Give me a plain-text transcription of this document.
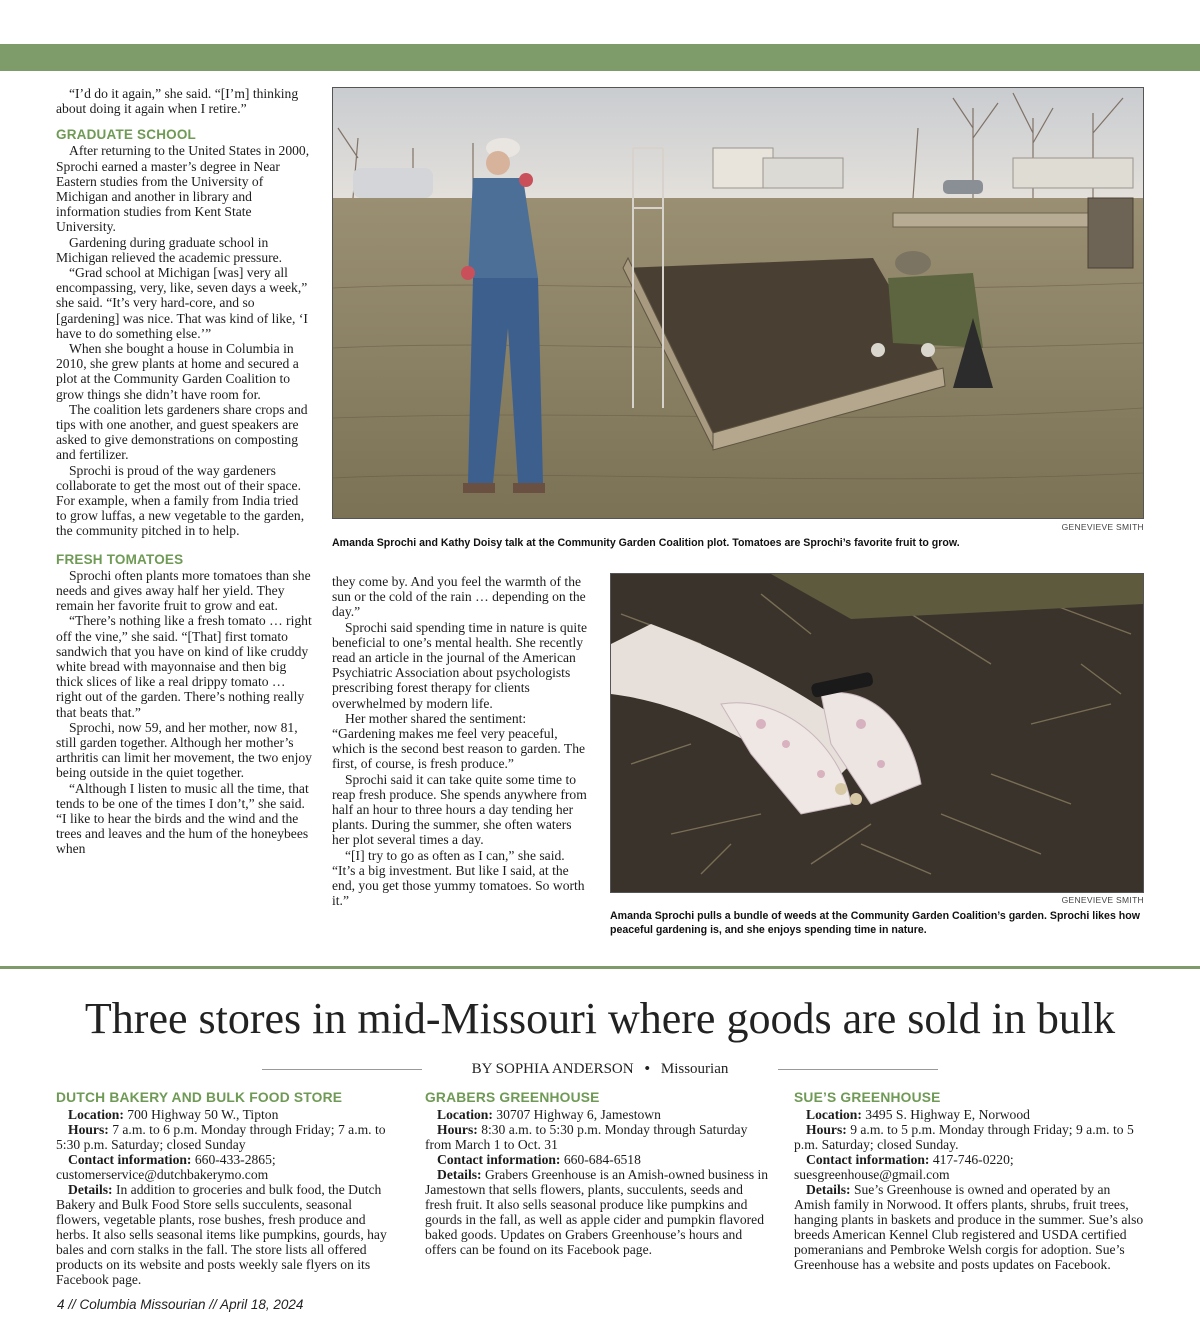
“I’d do it again,” she said. “[I’m] thinking about doing it again when I retire.”

GRADUATE SCHOOL

After returning to the United States in 2000, Sprochi earned a master’s degree in Near Eastern studies from the University of Michigan and another in library and information studies from Kent State University.

Gardening during graduate school in Michigan relieved the academic pressure.

“Grad school at Michigan [was] very all encompassing, very, like, seven days a week,” she said. “It’s very hard-core, and so [gardening] was nice. That was kind of like, ‘I have to do something else.’”

When she bought a house in Columbia in 2010, she grew plants at home and secured a plot at the Community Garden Coalition to grow things she didn’t have room for.

The coalition lets gardeners share crops and tips with one another, and guest speakers are asked to give demonstrations on composting and fertilizer.

Sprochi is proud of the way gardeners collaborate to get the most out of their space. For example, when a family from India tried to grow luffas, a new vegetable to the garden, the community pitched in to help.

FRESH TOMATOES

Sprochi often plants more tomatoes than she needs and gives away half her yield. They remain her favorite fruit to grow and eat.

“There’s nothing like a fresh tomato … right off the vine,” she said. “[That] first tomato sandwich that you have on kind of like cruddy white bread with mayonnaise and then big thick slices of like a real drippy tomato … right out of the garden. There’s nothing really that beats that.”

Sprochi, now 59, and her mother, now 81, still garden together. Although her mother’s arthritis can limit her movement, the two enjoy being outside in the quiet together.

“Although I listen to music all the time, that tends to be one of the times I don’t,” she said. “I like to hear the birds and the wind and the trees and leaves and the hum of the honeybees when

GENEVIEVE SMITH
Amanda Sprochi and Kathy Doisy talk at the Community Garden Coalition plot. Tomatoes are Sprochi’s favorite fruit to grow.

they come by. And you feel the warmth of the sun or the cold of the rain … depending on the day.”

Sprochi said spending time in nature is quite beneficial to one’s mental health. She recently read an article in the journal of the American Psychiatric Association about psychologists prescribing forest therapy for clients overwhelmed by modern life.

Her mother shared the sentiment: “Gardening makes me feel very peaceful, which is the second best reason to garden. The first, of course, is fresh produce.”

Sprochi said it can take quite some time to reap fresh produce. She spends anywhere from half an hour to three hours a day tending her plants. During the summer, she often waters her plot several times a day.

“[I] try to go as often as I can,” she said. “It’s a big investment. But like I said, at the end, you get those yummy tomatoes. So worth it.”	GENEVIEVE SMITH
Amanda Sprochi pulls a bundle of weeds at the Community Garden Coalition’s garden. Sprochi likes how peaceful gardening is, and she enjoys spending time in nature.
Three stores in mid-Missouri where goods are sold in bulk
BY SOPHIA ANDERSON • Missourian
DUTCH BAKERY AND BULK FOOD STORE

Location: 700 Highway 50 W., Tipton

Hours: 7 a.m. to 6 p.m. Monday through Friday; 7 a.m. to 5:30 p.m. Saturday; closed Sunday

Contact information: 660-433-2865; customerservice@dutchbakerymo.com

Details: In addition to groceries and bulk food, the Dutch Bakery and Bulk Food Store sells succulents, seasonal flowers, vegetable plants, rose bushes, fresh produce and herbs. It also sells seasonal items like pumpkins, gourds, hay bales and corn stalks in the fall. The store lists all offered products on its website and posts weekly sale flyers on its Facebook page.

GRABERS GREENHOUSE

Location: 30707 Highway 6, Jamestown

Hours: 8:30 a.m. to 5:30 p.m. Monday through Saturday from March 1 to Oct. 31

Contact information: 660-684-6518

Details: Grabers Greenhouse is an Amish-owned business in Jamestown that sells flowers, plants, succulents, seeds and fresh fruit. It also sells seasonal produce like pumpkins and gourds in the fall, as well as apple cider and pumpkin flavored baked goods. Updates on Grabers Greenhouse’s hours and offers can be found on its Facebook page.

SUE’S GREENHOUSE

Location: 3495 S. Highway E, Norwood

Hours: 9 a.m. to 5 p.m. Monday through Friday; 9 a.m. to 5 p.m. Saturday; closed Sunday.

Contact information: 417-746-0220; suesgreenhouse@gmail.com

Details: Sue’s Greenhouse is owned and operated by an Amish family in Norwood. It offers plants, shrubs, fruit trees, hanging plants in baskets and produce in the summer. Sue’s also breeds American Kennel Club registered and USDA certified pomeranians and Pembroke Welsh corgis for adoption. Sue’s Greenhouse has a website and posts updates on Facebook.

4 // Columbia Missourian // April 18, 2024
